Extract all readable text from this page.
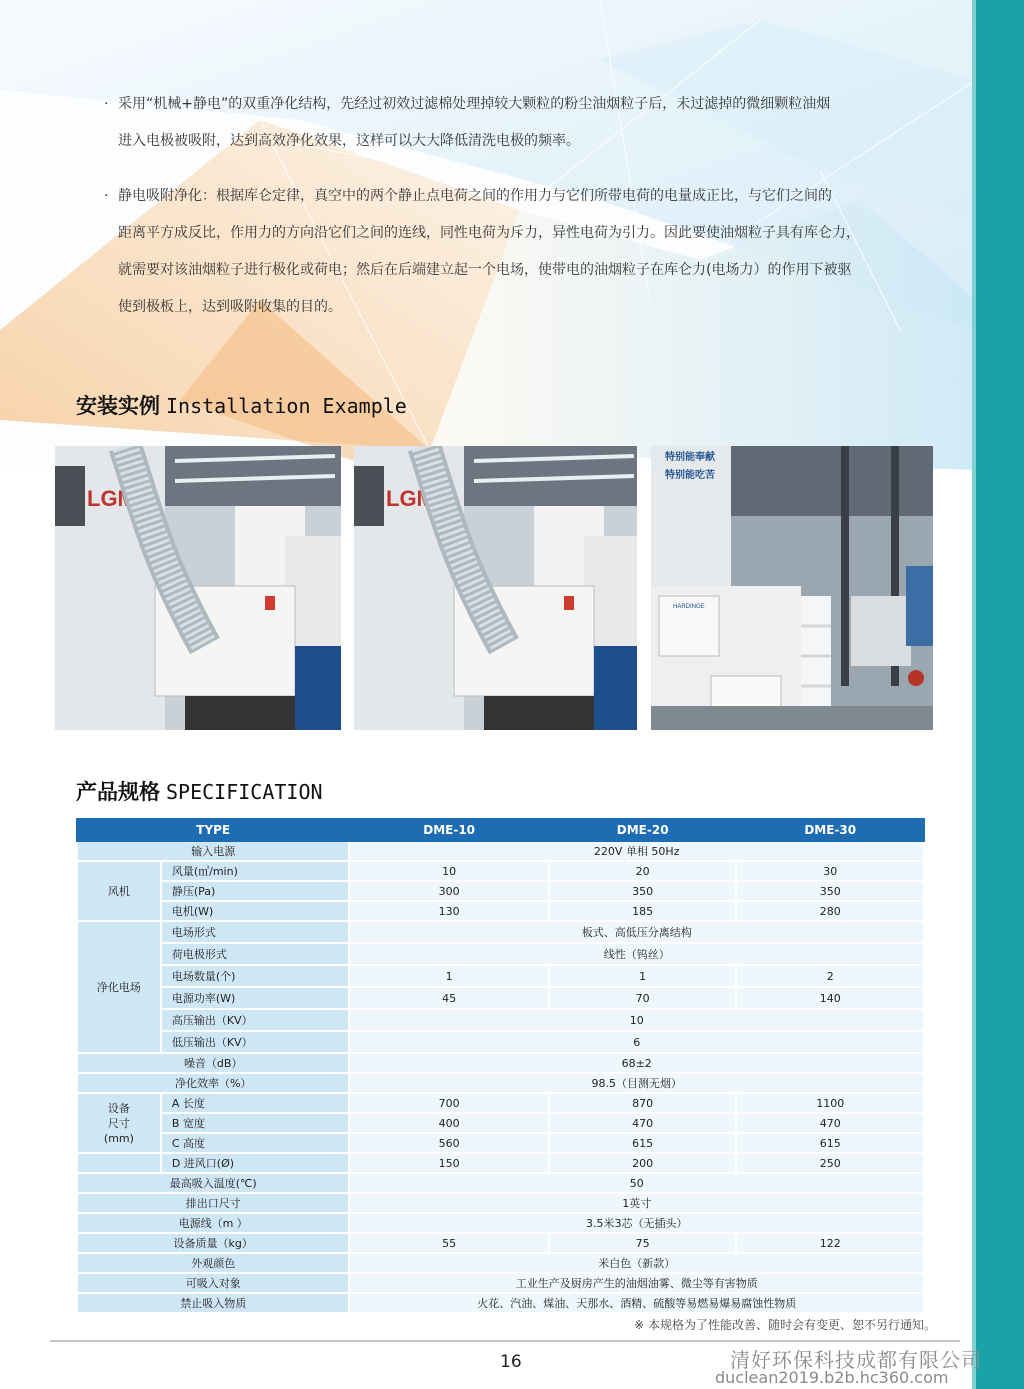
· 采用“机械+静电”的双重净化结构，先经过初效过滤棉处理掉较大颗粒的粉尘油烟粒子后，未过滤掉的微细颗粒油烟
进入电极被吸附，达到高效净化效果，这样可以大大降低清洗电极的频率。
· 静电吸附净化：根据库仑定律，真空中的两个静止点电荷之间的作用力与它们所带电荷的电量成正比，与它们之间的
距离平方成反比，作用力的方向沿它们之间的连线，同性电荷为斥力，异性电荷为引力。因此要使油烟粒子具有库仑力，
就需要对该油烟粒子进行极化或荷电；然后在后端建立起一个电场，使带电的油烟粒子在库仑力(电场力）的作用下被驱
使到极板上，达到吸附收集的目的。
安装实例 Installation Example
LGMaz	LGMaz
特别能奉献
特别能吃苦
HARDINGE
产品规格 SPECIFICATION
TYPE		DME-10	DME-20	DME-30
输入电源		220V 单相 50Hz		
风机	风量(㎥/min)	10	20	30
	静压(Pa)	300	350	350
	电机(W)	130	185	280
净化电场	电场形式	板式、高低压分离结构		
	荷电极形式	线性（钨丝）		
	电场数量(个)	1	1	2
	电源功率(W)	45	70	140
	高压输出（KV）	10		
	低压输出（KV）	6		
噪音（dB）		68±2		
净化效率（%）		98.5（目测无烟）		
设备
尺寸
(mm)	A 长度	700	870	1100
	B 宽度	400	470	470
	C 高度	560	615	615
	D 进风口(Ø)	150	200	250
最高吸入温度(℃)		50		
排出口尺寸		1英寸		
电源线（m ）		3.5米3芯（无插头）		
设备质量（kg）		55	75	122
外观颜色		米白色（新款）		
可吸入对象		工业生产及厨房产生的油烟油雾、微尘等有害物质		
禁止吸入物质		火花、汽油、煤油、天那水、酒精、硫酸等易燃易爆易腐蚀性物质		
※ 本规格为了性能改善、随时会有变更、恕不另行通知。
16	清好环保科技成都有限公司
duclean2019.b2b.hc360.com
